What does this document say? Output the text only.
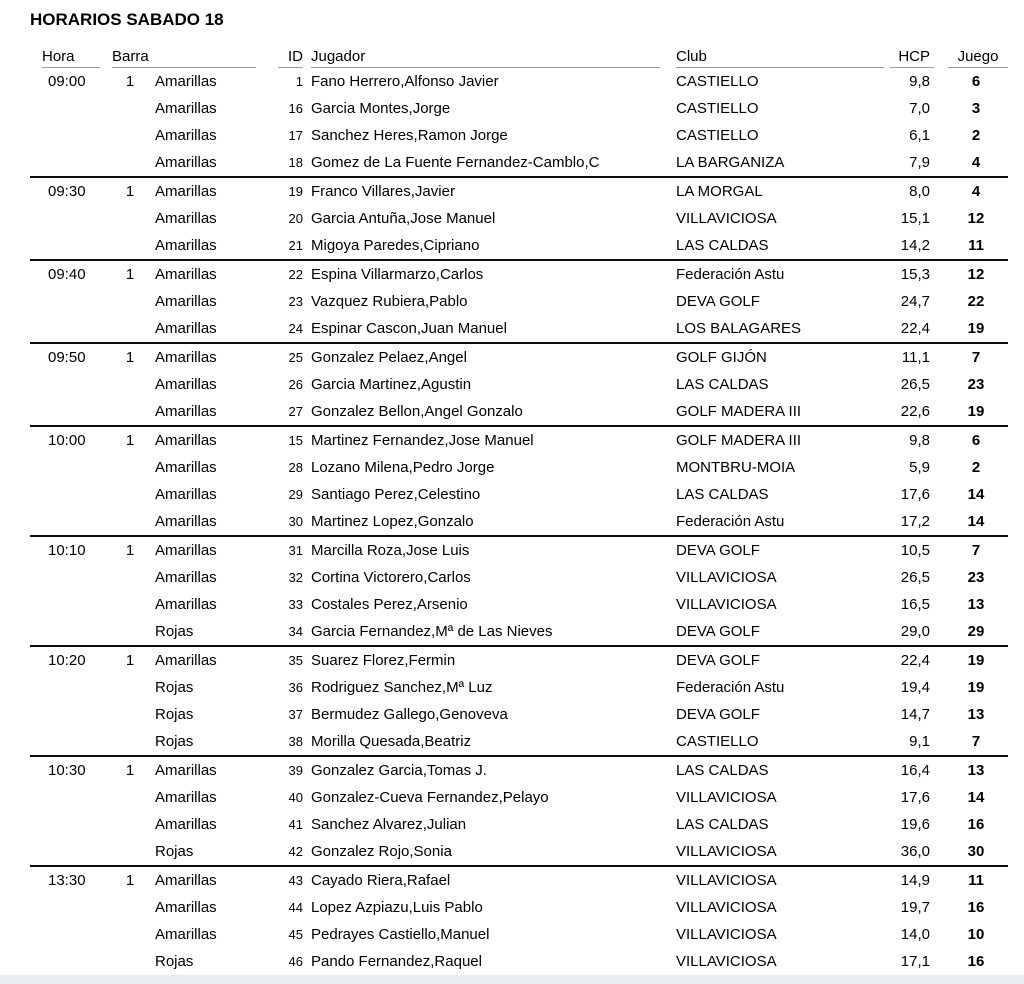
HORARIOS SABADO 18
Hora	Barra		ID	Jugador	Club	HCP	Juego

09:00	1	Amarillas	1	Fano Herrero,Alfonso Javier	CASTIELLO	9,8	6
		Amarillas	16	Garcia Montes,Jorge	CASTIELLO	7,0	3
		Amarillas	17	Sanchez Heres,Ramon Jorge	CASTIELLO	6,1	2
		Amarillas	18	Gomez de La Fuente Fernandez-Camblo,C	LA BARGANIZA	7,9	4
09:30	1	Amarillas	19	Franco Villares,Javier	LA MORGAL	8,0	4
		Amarillas	20	Garcia Antuña,Jose Manuel	VILLAVICIOSA	15,1	12
		Amarillas	21	Migoya Paredes,Cipriano	LAS CALDAS	14,2	11
09:40	1	Amarillas	22	Espina Villarmarzo,Carlos	Federación Astu	15,3	12
		Amarillas	23	Vazquez Rubiera,Pablo	DEVA GOLF	24,7	22
		Amarillas	24	Espinar Cascon,Juan Manuel	LOS BALAGARES	22,4	19
09:50	1	Amarillas	25	Gonzalez Pelaez,Angel	GOLF GIJÓN	11,1	7
		Amarillas	26	Garcia Martinez,Agustin	LAS CALDAS	26,5	23
		Amarillas	27	Gonzalez Bellon,Angel Gonzalo	GOLF MADERA III	22,6	19
10:00	1	Amarillas	15	Martinez Fernandez,Jose Manuel	GOLF MADERA III	9,8	6
		Amarillas	28	Lozano Milena,Pedro Jorge	MONTBRU-MOIA	5,9	2
		Amarillas	29	Santiago Perez,Celestino	LAS CALDAS	17,6	14
		Amarillas	30	Martinez Lopez,Gonzalo	Federación Astu	17,2	14
10:10	1	Amarillas	31	Marcilla Roza,Jose Luis	DEVA GOLF	10,5	7
		Amarillas	32	Cortina Victorero,Carlos	VILLAVICIOSA	26,5	23
		Amarillas	33	Costales Perez,Arsenio	VILLAVICIOSA	16,5	13
		Rojas	34	Garcia Fernandez,Mª de Las Nieves	DEVA GOLF	29,0	29
10:20	1	Amarillas	35	Suarez Florez,Fermin	DEVA GOLF	22,4	19
		Rojas	36	Rodriguez Sanchez,Mª Luz	Federación Astu	19,4	19
		Rojas	37	Bermudez Gallego,Genoveva	DEVA GOLF	14,7	13
		Rojas	38	Morilla Quesada,Beatriz	CASTIELLO	9,1	7
10:30	1	Amarillas	39	Gonzalez Garcia,Tomas J.	LAS CALDAS	16,4	13
		Amarillas	40	Gonzalez-Cueva Fernandez,Pelayo	VILLAVICIOSA	17,6	14
		Amarillas	41	Sanchez Alvarez,Julian	LAS CALDAS	19,6	16
		Rojas	42	Gonzalez Rojo,Sonia	VILLAVICIOSA	36,0	30
13:30	1	Amarillas	43	Cayado Riera,Rafael	VILLAVICIOSA	14,9	11
		Amarillas	44	Lopez Azpiazu,Luis Pablo	VILLAVICIOSA	19,7	16
		Amarillas	45	Pedrayes Castiello,Manuel	VILLAVICIOSA	14,0	10
		Rojas	46	Pando Fernandez,Raquel	VILLAVICIOSA	17,1	16
